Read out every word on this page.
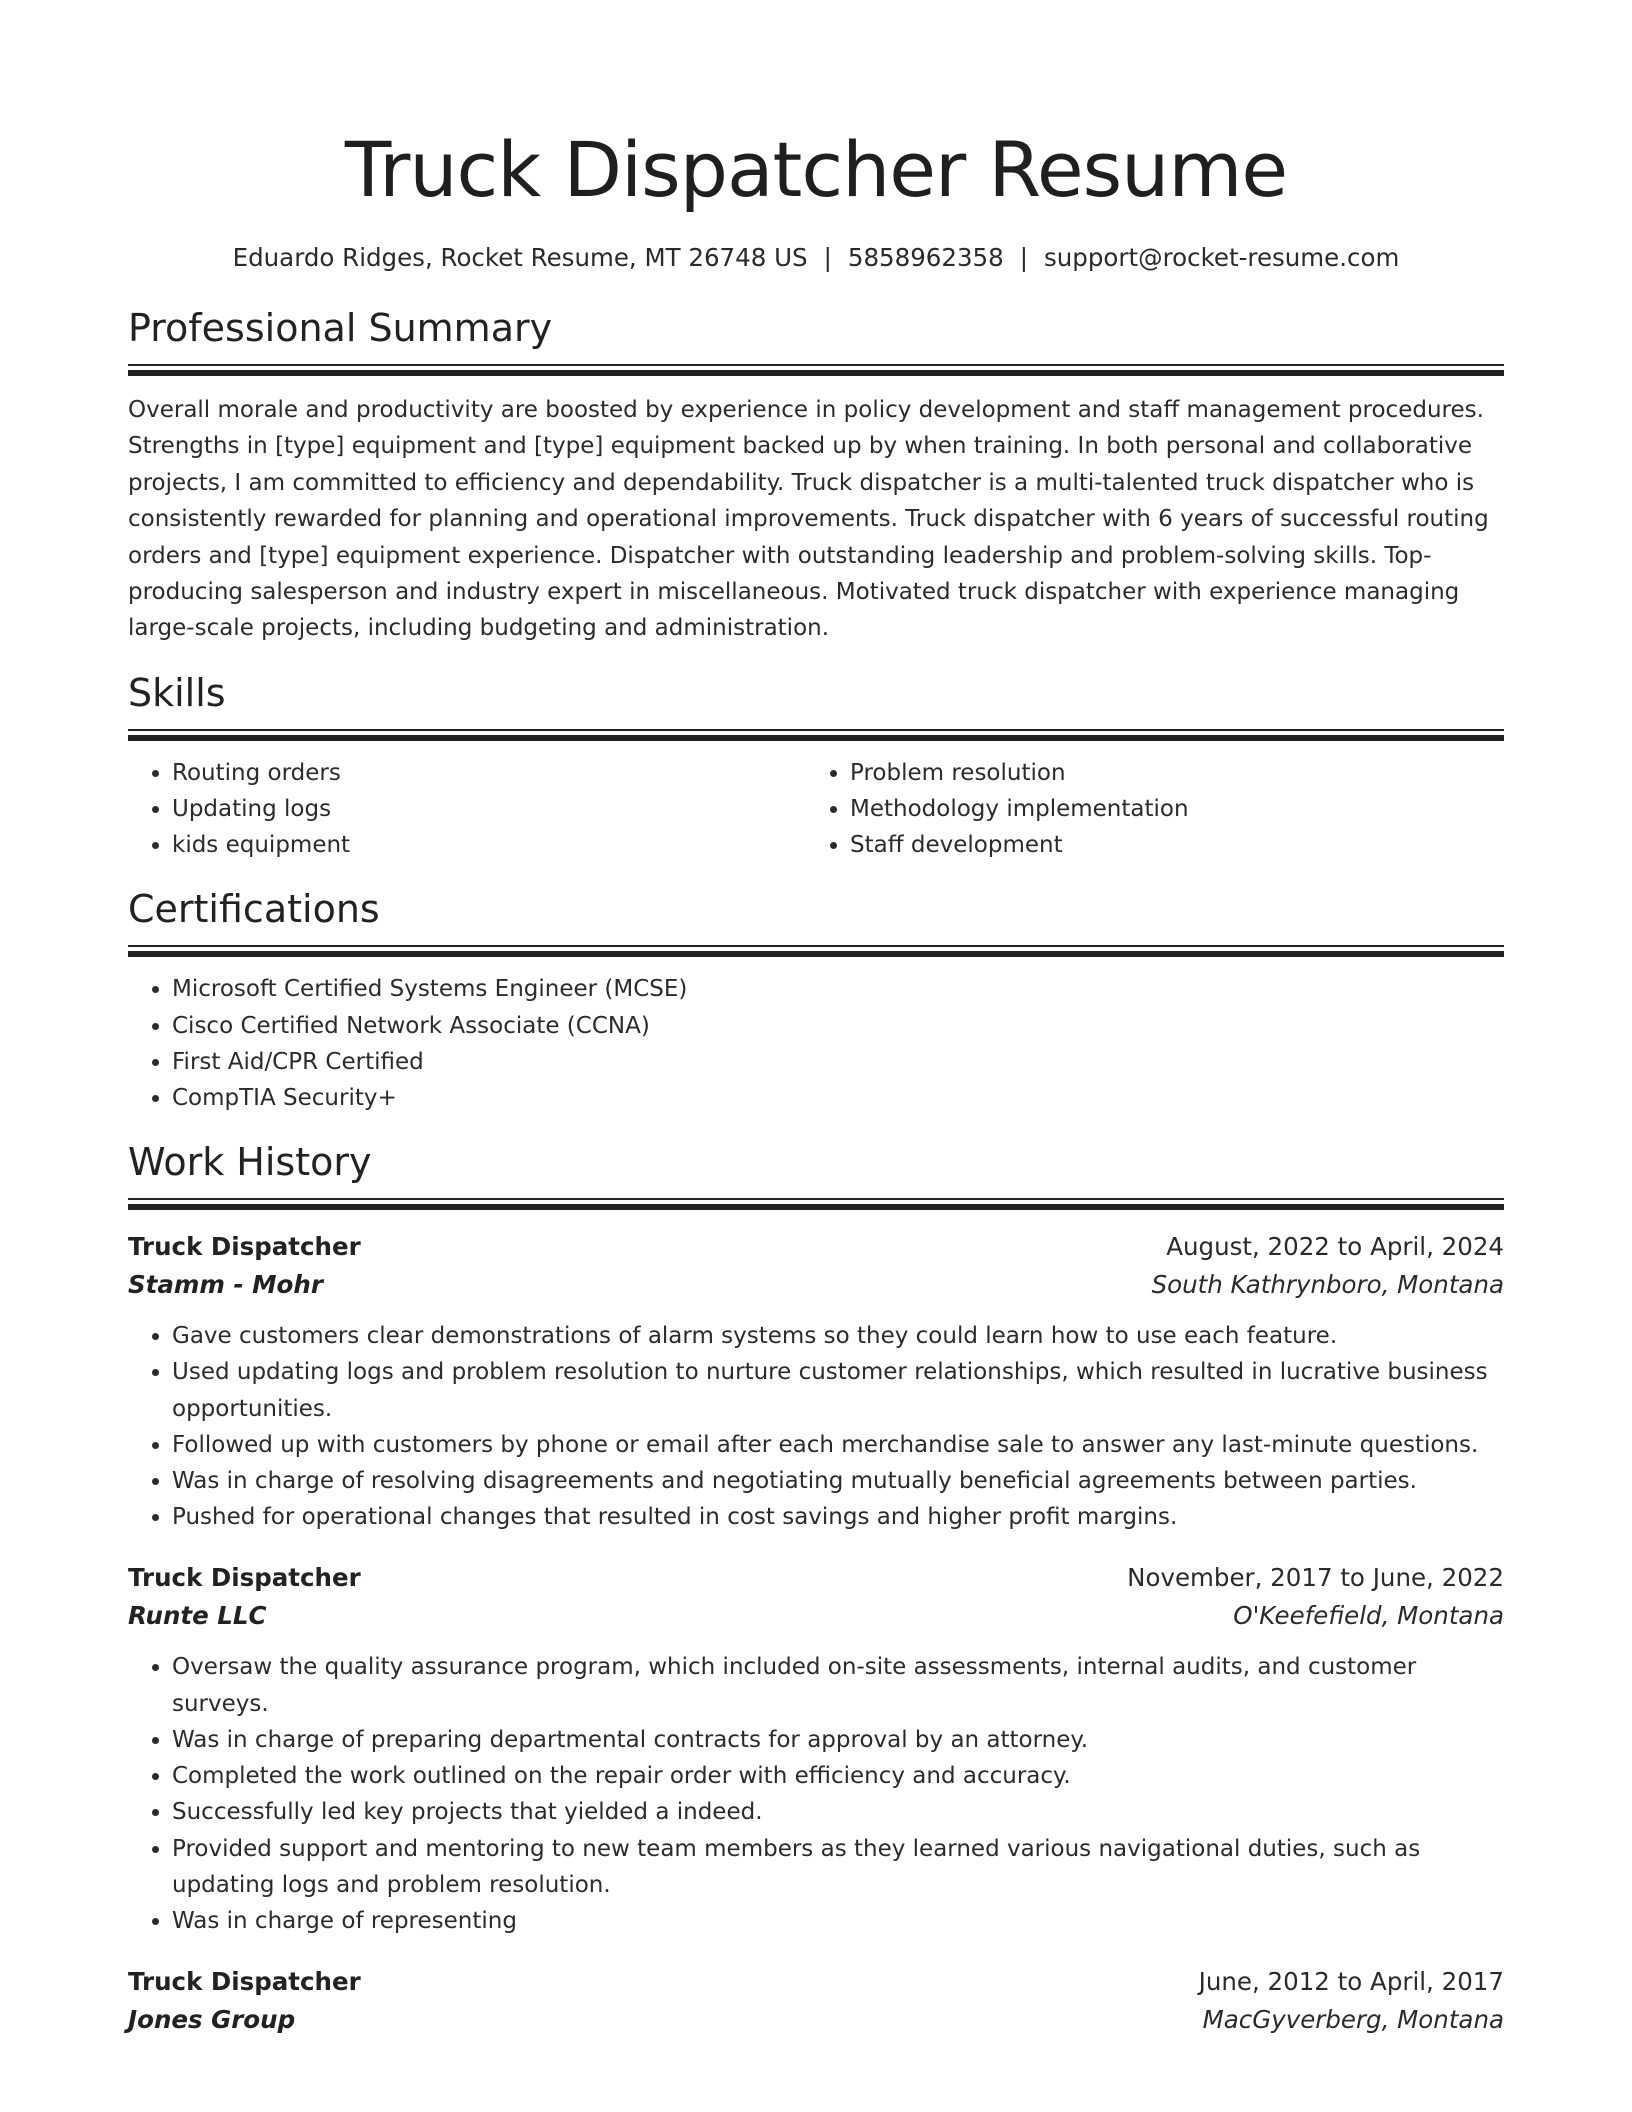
Truck Dispatcher Resume
Eduardo Ridges, Rocket Resume, MT 26748 US | 5858962358 | support@rocket-resume.com
Professional Summary
Overall morale and productivity are boosted by experience in policy development and staff management procedures. Strengths in [type] equipment and [type] equipment backed up by when training. In both personal and collaborative projects, I am committed to efficiency and dependability. Truck dispatcher is a multi-talented truck dispatcher who is consistently rewarded for planning and operational improvements. Truck dispatcher with 6 years of successful routing orders and [type] equipment experience. Dispatcher with outstanding leadership and problem-solving skills. Top-producing salesperson and industry expert in miscellaneous. Motivated truck dispatcher with experience managing large-scale projects, including budgeting and administration.
Skills
• Routing orders
• Updating logs
• kids equipment
• Problem resolution
• Methodology implementation
• Staff development
Certifications
• Microsoft Certified Systems Engineer (MCSE)
• Cisco Certified Network Associate (CCNA)
• First Aid/CPR Certified
• CompTIA Security+
Work History
Truck Dispatcher	August, 2022 to April, 2024
Stamm - Mohr	South Kathrynboro, Montana
• Gave customers clear demonstrations of alarm systems so they could learn how to use each feature.
• Used updating logs and problem resolution to nurture customer relationships, which resulted in lucrative business opportunities.
• Followed up with customers by phone or email after each merchandise sale to answer any last-minute questions.
• Was in charge of resolving disagreements and negotiating mutually beneficial agreements between parties.
• Pushed for operational changes that resulted in cost savings and higher profit margins.
Truck Dispatcher	November, 2017 to June, 2022
Runte LLC	O'Keefefield, Montana
• Oversaw the quality assurance program, which included on-site assessments, internal audits, and customer surveys.
• Was in charge of preparing departmental contracts for approval by an attorney.
• Completed the work outlined on the repair order with efficiency and accuracy.
• Successfully led key projects that yielded a indeed.
• Provided support and mentoring to new team members as they learned various navigational duties, such as updating logs and problem resolution.
• Was in charge of representing
Truck Dispatcher	June, 2012 to April, 2017
Jones Group	MacGyverberg, Montana
